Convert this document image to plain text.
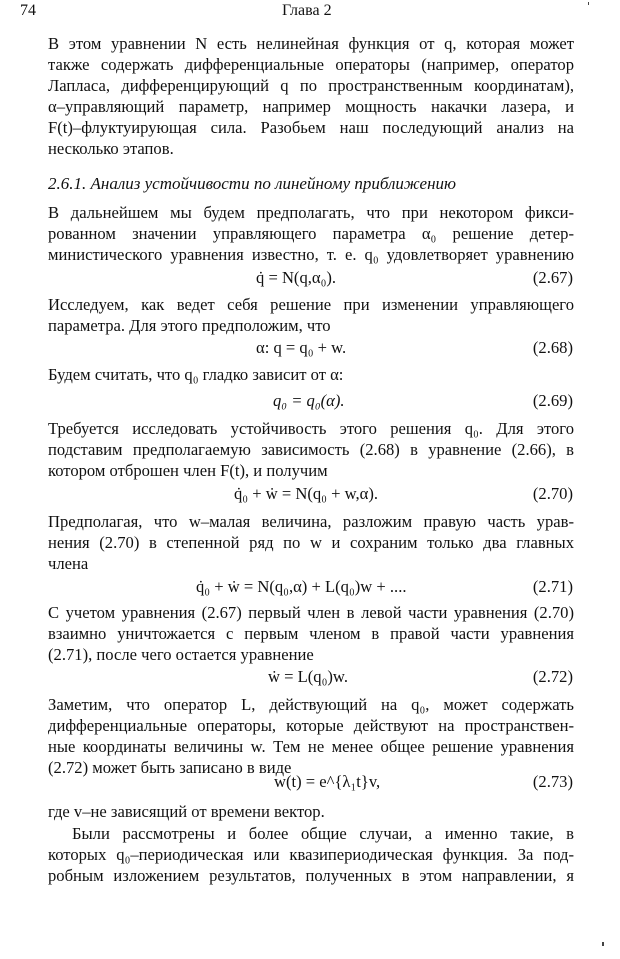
74	Глава 2
В этом уравнении N есть нелинейная функция от q, которая может
также содержать дифференциальные операторы (например, оператор
Лапласа, дифференцирующий q по пространственным координатам),
α–управляющий параметр, например мощность накачки лазера, и
F(t)–флуктуирующая сила. Разобьем наш последующий анализ на
несколько этапов.
2.6.1. Анализ устойчивости по линейному приближению
В дальнейшем мы будем предполагать, что при некотором фикси-
рованном значении управляющего параметра α₀ решение детер-
министического уравнения известно, т. е. q₀ удовлетворяет уравнению
q̇ = N(q,α₀).	(2.67)
Исследуем, как ведет себя решение при изменении управляющего
параметра. Для этого предположим, что
α: q = q₀ + w.	(2.68)
Будем считать, что q₀ гладко зависит от α:
q₀ = q₀(α).	(2.69)
Требуется исследовать устойчивость этого решения q₀. Для этого
подставим предполагаемую зависимость (2.68) в уравнение (2.66), в
котором отброшен член F(t), и получим
q̇₀ + ẇ = N(q₀ + w,α).	(2.70)
Предполагая, что w–малая величина, разложим правую часть урав-
нения (2.70) в степенной ряд по w и сохраним только два главных
члена
q̇₀ + ẇ = N(q₀,α) + L(q₀)w + ....	(2.71)
С учетом уравнения (2.67) первый член в левой части уравнения (2.70)
взаимно уничтожается с первым членом в правой части уравнения
(2.71), после чего остается уравнение
ẇ = L(q₀)w.	(2.72)
Заметим, что оператор L, действующий на q₀, может содержать
дифференциальные операторы, которые действуют на пространствен-
ные координаты величины w. Тем не менее общее решение уравнения
(2.72) может быть записано в виде
w(t) = e^{λ₁t}v,	(2.73)
где v–не зависящий от времени вектор.
Были рассмотрены и более общие случаи, а именно такие, в
которых q₀–периодическая или квазипериодическая функция. За под-
робным изложением результатов, полученных в этом направлении, я
